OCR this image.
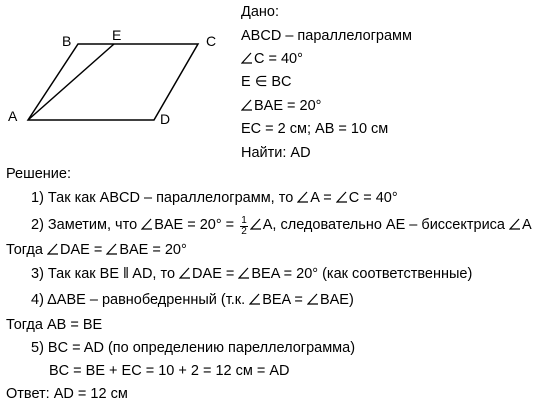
A
B	E	C
D
Дано:
ABCD – параллелограмм
C = 40°
E ∈ BC
BAE = 20°
EC = 2 см; AB = 10 см
Найти: AD
Решение:
1) Так как ABCD – параллелограмм, то A = C = 40°
2) Заметим, что BAE = $20^\circ = \frac{1}{2} A$, следовательно AE – биссектриса A
Тогда DAE = BAE = 20°
3) Так как BE ‖ AD, то DAE = BEA = 20° (как соответственные)
4) ΔABE – равнобедренный (т.к. BEA = BAE)
Тогда AB = BE
5) BC = AD (по определению пареллелограмма)
BC = BE + EC = 10 + 2 = 12 см = AD
Ответ: AD = 12 см
